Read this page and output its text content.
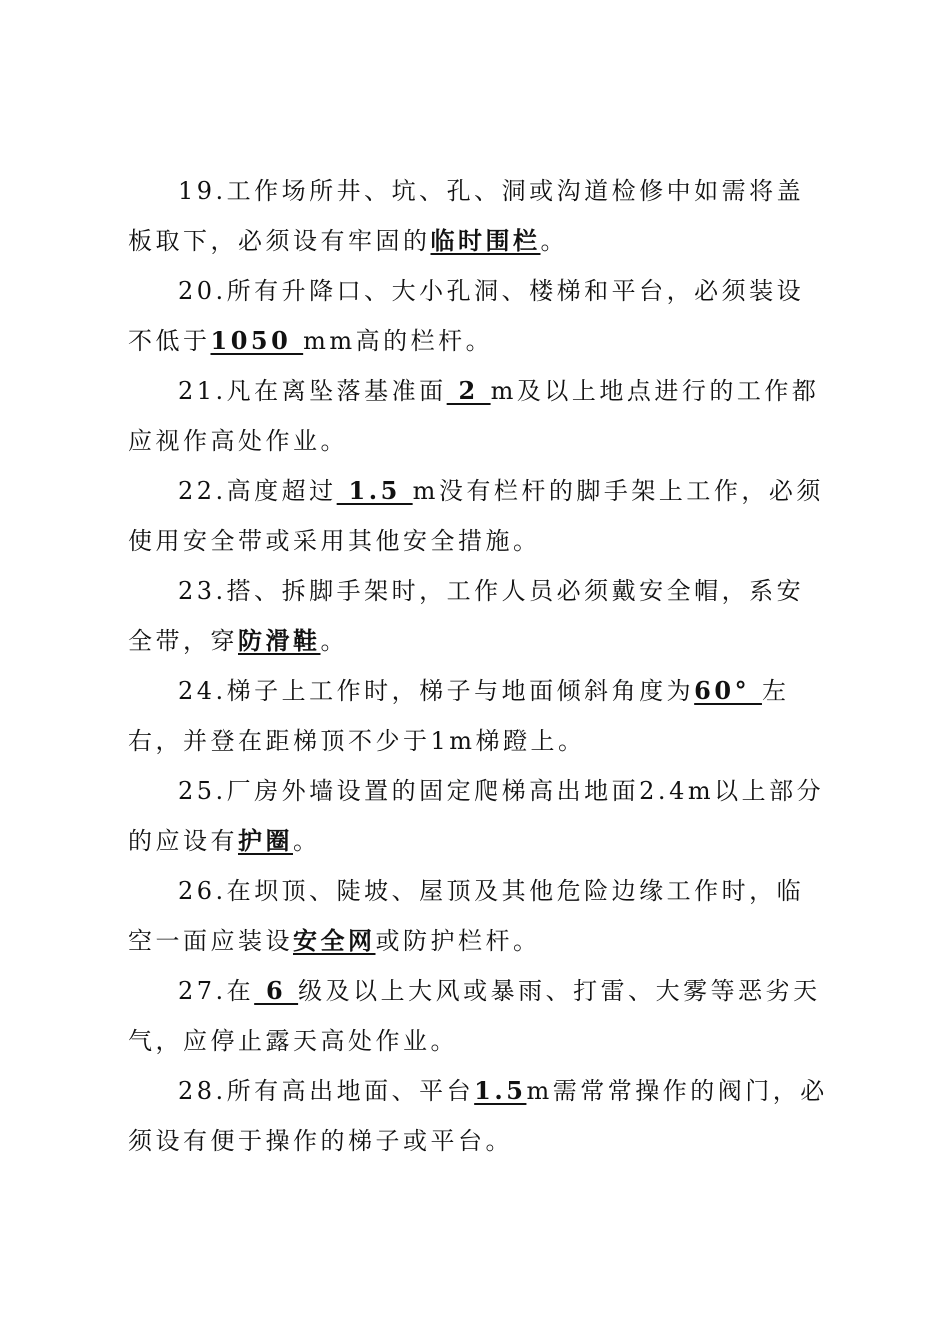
19.工作场所井、坑、孔、洞或沟道检修中如需将盖板取下，必须设有牢固的临时围栏。

20.所有升降口、大小孔洞、楼梯和平台，必须装设不低于1050 mm高的栏杆。

21.凡在离坠落基准面 2 m及以上地点进行的工作都应视作高处作业。

22.高度超过 1.5 m没有栏杆的脚手架上工作，必须使用安全带或采用其他安全措施。

23.搭、拆脚手架时，工作人员必须戴安全帽，系安全带，穿防滑鞋。

24.梯子上工作时，梯子与地面倾斜角度为60° 左右，并登在距梯顶不少于1m梯蹬上。

25.厂房外墙设置的固定爬梯高出地面2.4m以上部分的应设有护圈。

26.在坝顶、陡坡、屋顶及其他危险边缘工作时，临空一面应装设安全网或防护栏杆。

27.在 6 级及以上大风或暴雨、打雷、大雾等恶劣天气，应停止露天高处作业。

28.所有高出地面、平台1.5m需常常操作的阀门，必须设有便于操作的梯子或平台。
